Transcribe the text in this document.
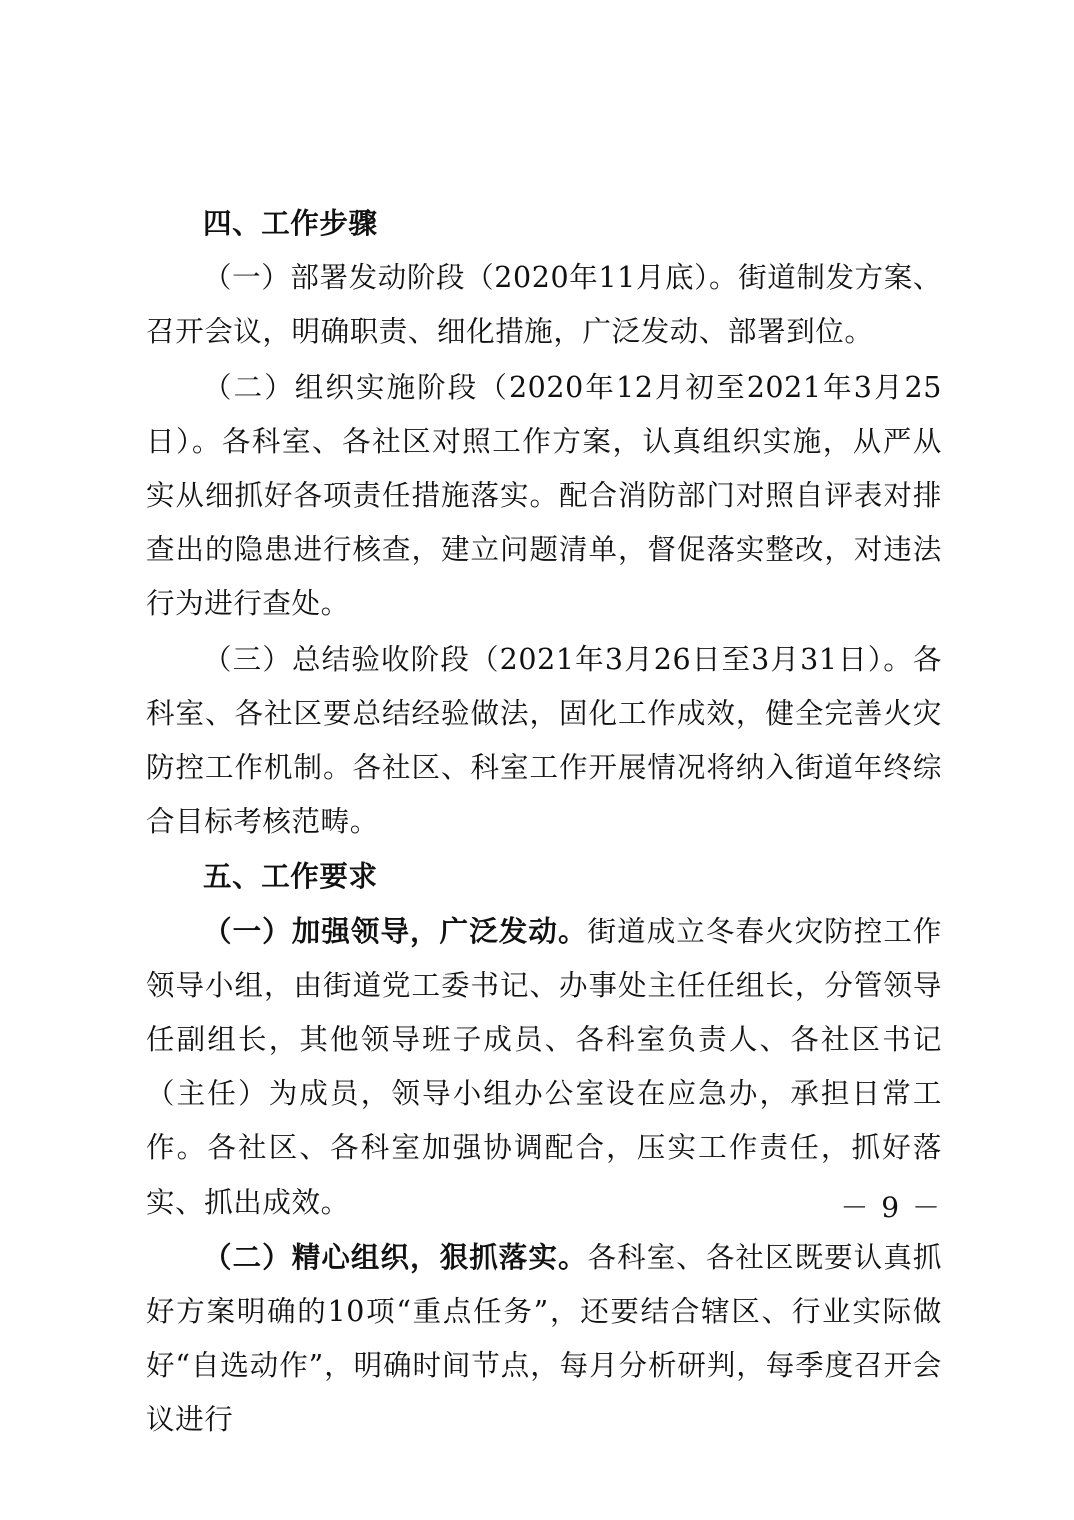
四、工作步骤

（一）部署发动阶段（2020年11月底）。街道制发方案、召开会议，明确职责、细化措施，广泛发动、部署到位。

（二）组织实施阶段（2020年12月初至2021年3月25日）。各科室、各社区对照工作方案，认真组织实施，从严从实从细抓好各项责任措施落实。配合消防部门对照自评表对排查出的隐患进行核查，建立问题清单，督促落实整改，对违法行为进行查处。

（三）总结验收阶段（2021年3月26日至3月31日）。各科室、各社区要总结经验做法，固化工作成效，健全完善火灾防控工作机制。各社区、科室工作开展情况将纳入街道年终综合目标考核范畴。

五、工作要求

（一）加强领导，广泛发动。街道成立冬春火灾防控工作领导小组，由街道党工委书记、办事处主任任组长，分管领导任副组长，其他领导班子成员、各科室负责人、各社区书记（主任）为成员，领导小组办公室设在应急办，承担日常工作。各社区、各科室加强协调配合，压实工作责任，抓好落实、抓出成效。

（二）精心组织，狠抓落实。各科室、各社区既要认真抓好方案明确的10项“重点任务”，还要结合辖区、行业实际做好“自选动作”，明确时间节点，每月分析研判，每季度召开会议进行

－ 9 －
